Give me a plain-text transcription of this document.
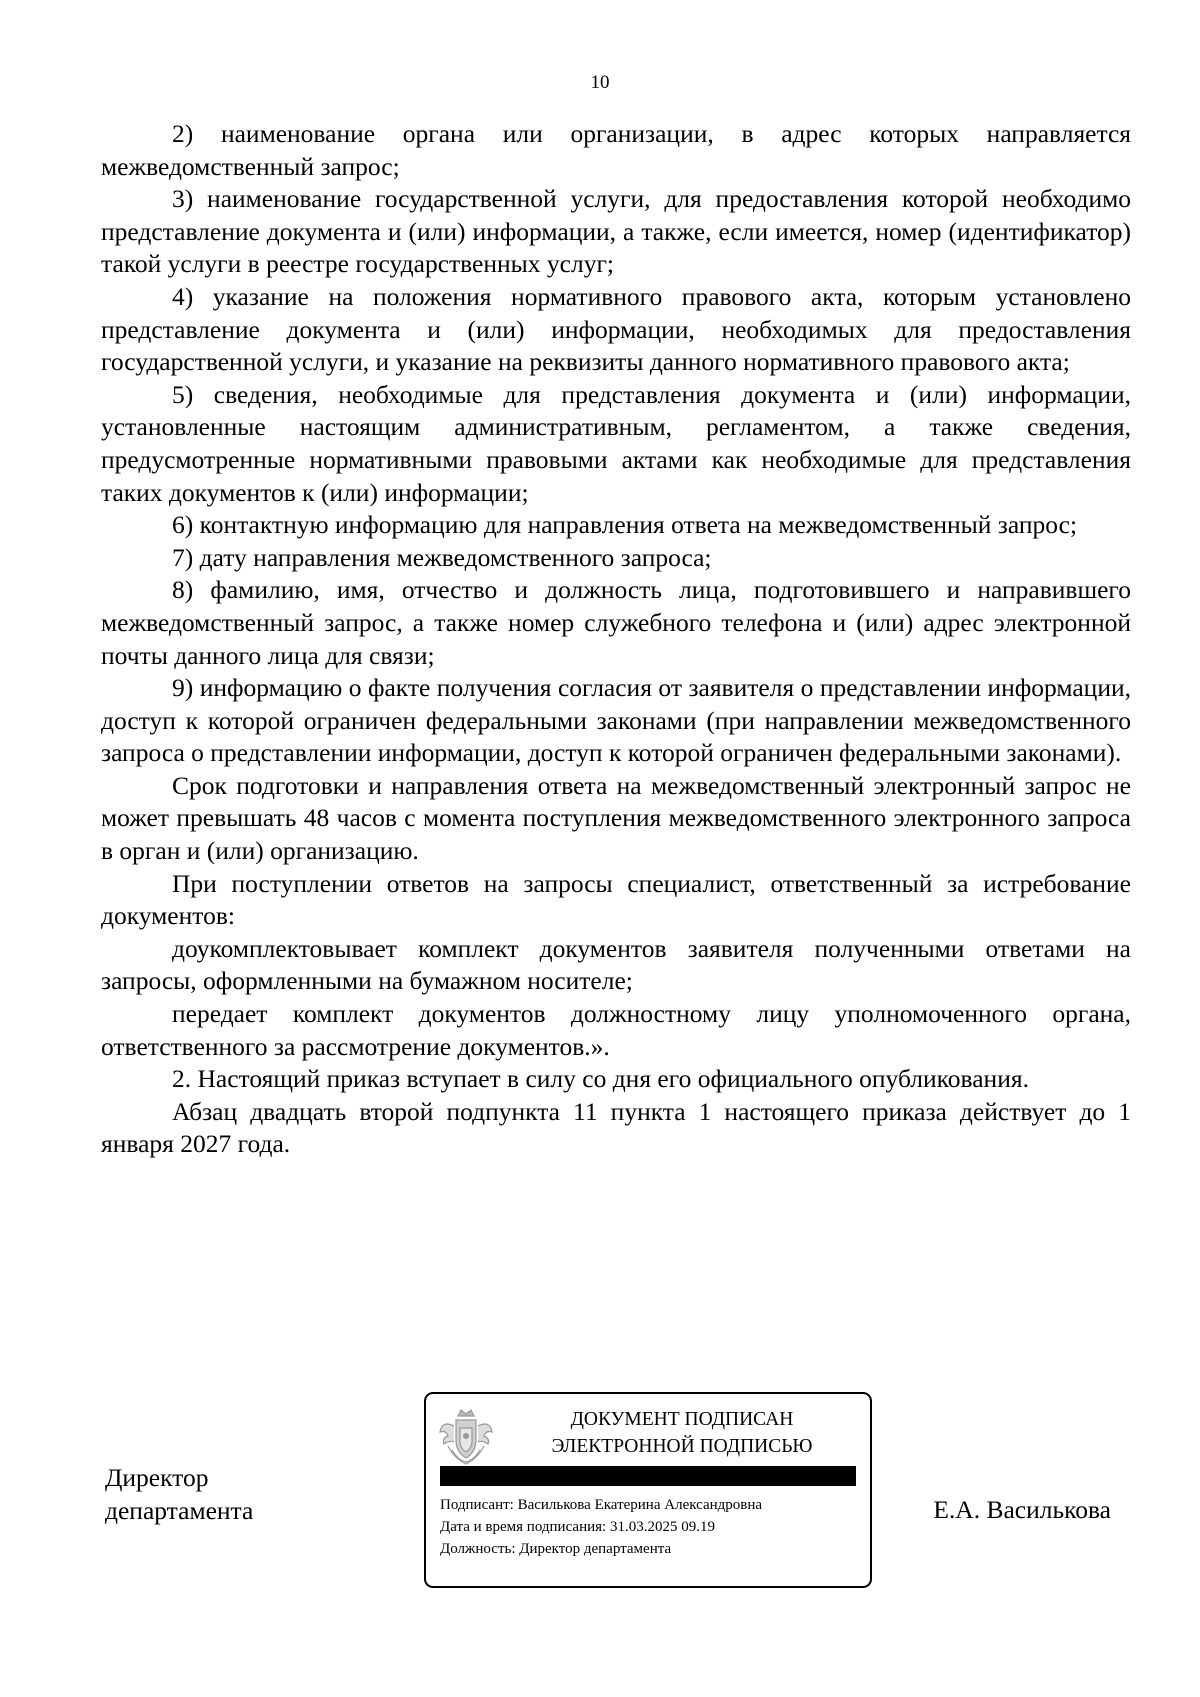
10

2) наименование органа или организации, в адрес которых направляется межведомственный запрос;

3) наименование государственной услуги, для предоставления которой необходимо представление документа и (или) информации, а также, если имеется, номер (идентификатор) такой услуги в реестре государственных услуг;

4) указание на положения нормативного правового акта, которым установлено представление документа и (или) информации, необходимых для предоставления государственной услуги, и указание на реквизиты данного нормативного правового акта;

5) сведения, необходимые для представления документа и (или) информации, установленные настоящим административным, регламентом, а также сведения, предусмотренные нормативными правовыми актами как необходимые для представления таких документов к (или) информации;

6) контактную информацию для направления ответа на межведомственный запрос;

7) дату направления межведомственного запроса;

8) фамилию, имя, отчество и должность лица, подготовившего и направившего межведомственный запрос, а также номер служебного телефона и (или) адрес электронной почты данного лица для связи;

9) информацию о факте получения согласия от заявителя о представлении информации, доступ к которой ограничен федеральными законами (при направлении межведомственного запроса о представлении информации, доступ к которой ограничен федеральными законами).

Срок подготовки и направления ответа на межведомственный электронный запрос не может превышать 48 часов с момента поступления межведомственного электронного запроса в орган и (или) организацию.

При поступлении ответов на запросы специалист, ответственный за истребование документов:

доукомплектовывает комплект документов заявителя полученными ответами на запросы, оформленными на бумажном носителе;

передает комплект документов должностному лицу уполномоченного органа, ответственного за рассмотрение документов.».

2. Настоящий приказ вступает в силу со дня его официального опубликования.

Абзац двадцать второй подпункта 11 пункта 1 настоящего приказа действует до 1 января 2027 года.

Директор
департамента
ДОКУМЕНТ ПОДПИСАН
ЭЛЕКТРОННОЙ ПОДПИСЬЮ
Подписант: Василькова Екатерина Александровна
Дата и время подписания: 31.03.2025 09.19
Должность: Директор департамента
Е.А. Василькова
